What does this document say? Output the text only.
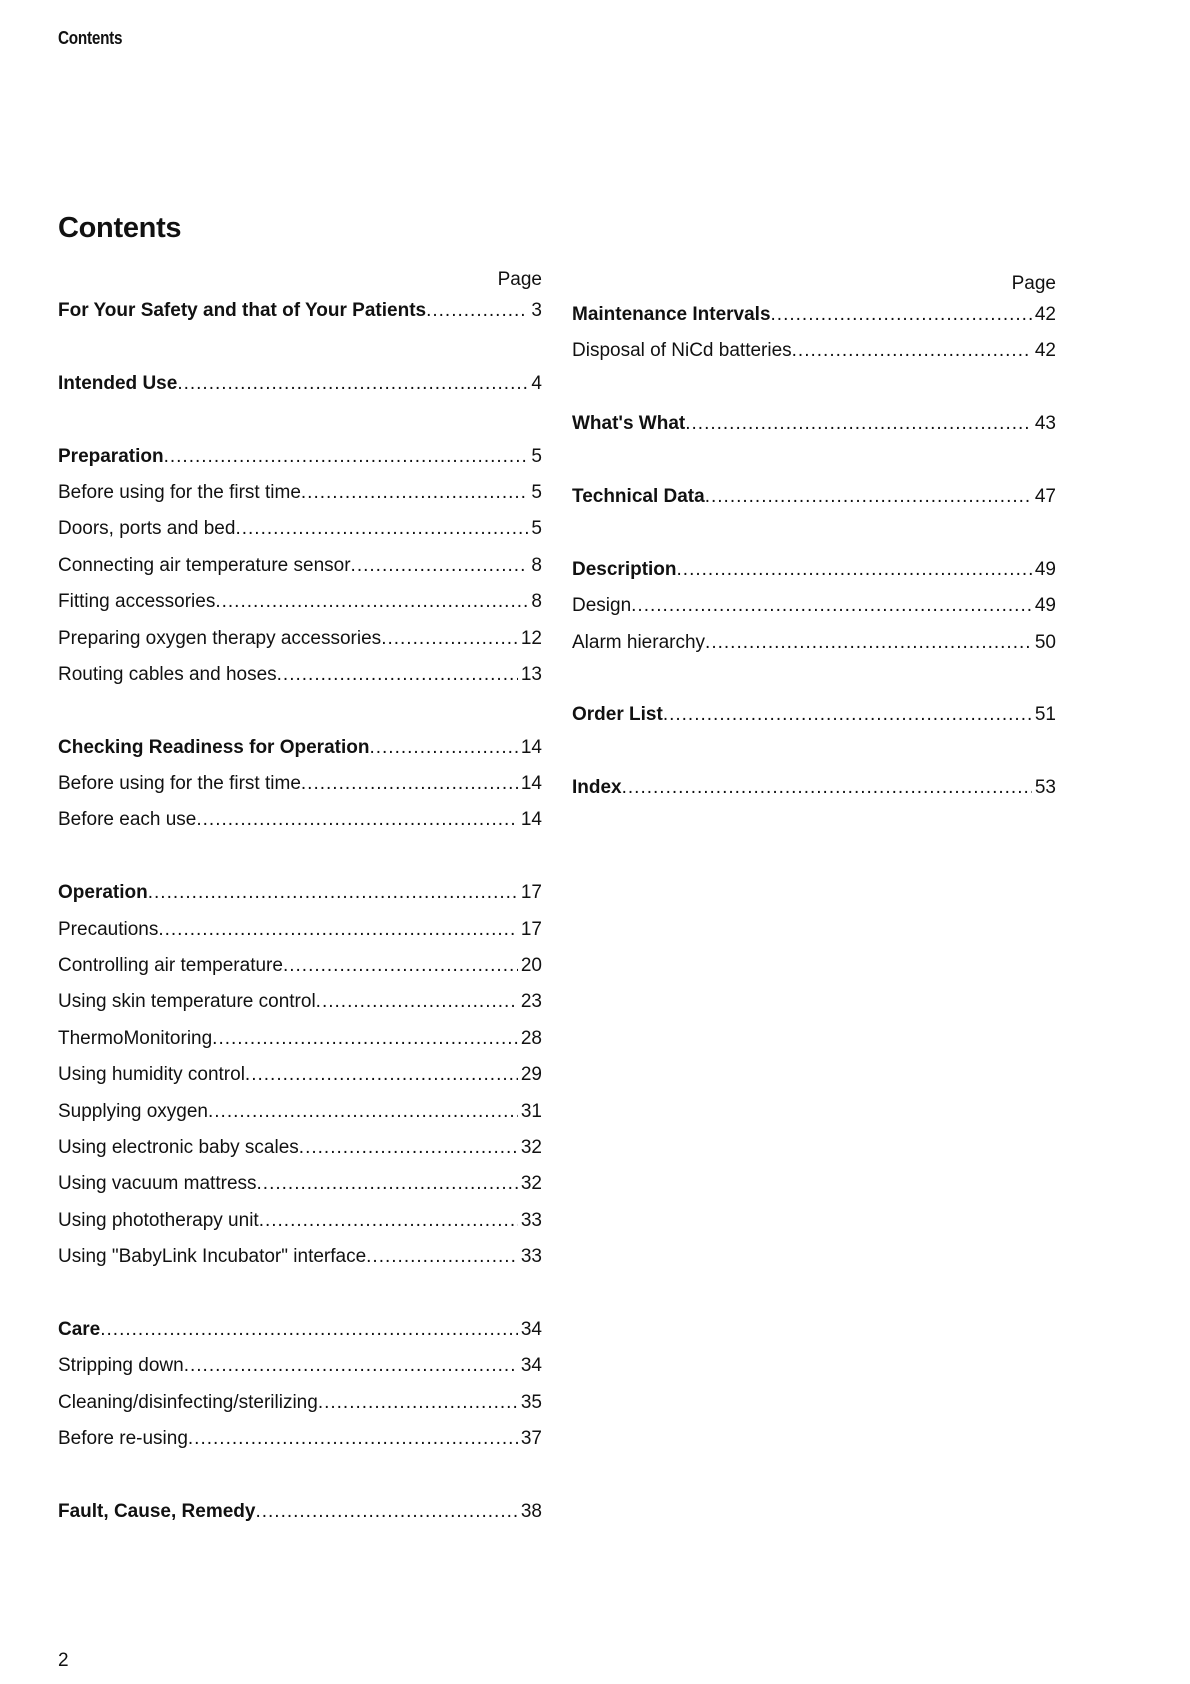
Contents
Contents
Page
For Your Safety and that of Your Patients .....	3
Intended Use .....	4
Preparation .....	5
Before using for the first time .....	5
Doors, ports and bed .....	5
Connecting air temperature sensor .....	8
Fitting accessories .....	8
Preparing oxygen therapy accessories .....	12
Routing cables and hoses .....	13
Checking Readiness for Operation .....	14
Before using for the first time .....	14
Before each use .....	14
Operation .....	17
Precautions .....	17
Controlling air temperature .....	20
Using skin temperature control .....	23
ThermoMonitoring .....	28
Using humidity control .....	29
Supplying oxygen .....	31
Using electronic baby scales .....	32
Using vacuum mattress .....	32
Using phototherapy unit .....	33
Using "BabyLink Incubator" interface .....	33
Care .....	34
Stripping down .....	34
Cleaning/disinfecting/sterilizing .....	35
Before re-using .....	37
Fault, Cause, Remedy .....	38
Page
Maintenance Intervals .....	42
Disposal of NiCd batteries .....	42
What's What .....	43
Technical Data .....	47
Description .....	49
Design .....	49
Alarm hierarchy .....	50
Order List .....	51
Index .....	53
2
